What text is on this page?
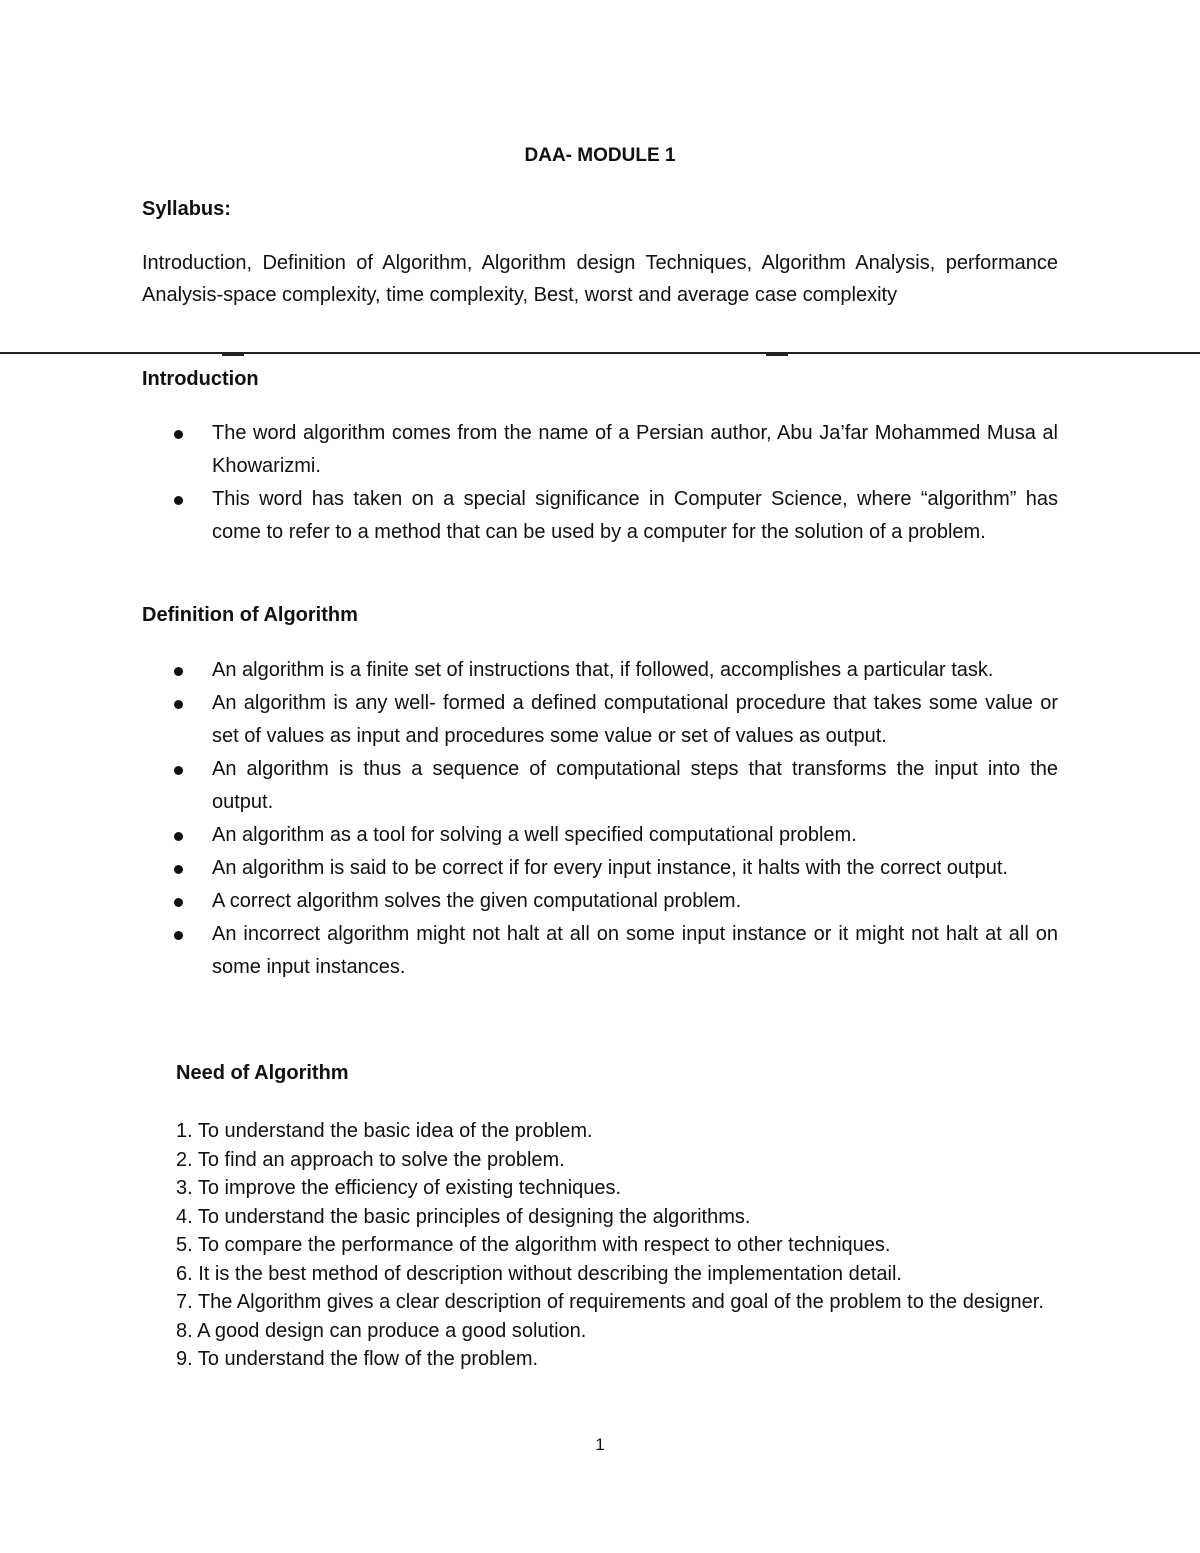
DAA- MODULE 1
Syllabus:
Introduction, Definition of Algorithm, Algorithm design Techniques, Algorithm Analysis, performance Analysis-space complexity, time complexity, Best, worst and average case complexity
Introduction
The word algorithm comes from the name of a Persian author, Abu Ja’far Mohammed Musa al Khowarizmi.
This word has taken on a special significance in Computer Science, where “algorithm” has come to refer to a method that can be used by a computer for the solution of a problem.
Definition of Algorithm
An algorithm is a finite set of instructions that, if followed, accomplishes a particular task.
An algorithm is any well- formed a defined computational procedure that takes some value or set of values as input and procedures some value or set of values as output.
An algorithm is thus a sequence of computational steps that transforms the input into the output.
An algorithm as a tool for solving a well specified computational problem.
An algorithm is said to be correct if for every input instance, it halts with the correct output.
A correct algorithm solves the given computational problem.
An incorrect algorithm might not halt at all on some input instance or it might not halt at all on some input instances.
Need of Algorithm
1. To understand the basic idea of the problem.
2. To find an approach to solve the problem.
3. To improve the efficiency of existing techniques.
4. To understand the basic principles of designing the algorithms.
5. To compare the performance of the algorithm with respect to other techniques.
6. It is the best method of description without describing the implementation detail.
7. The Algorithm gives a clear description of requirements and goal of the problem to the designer.
8. A good design can produce a good solution.
9. To understand the flow of the problem.
1
